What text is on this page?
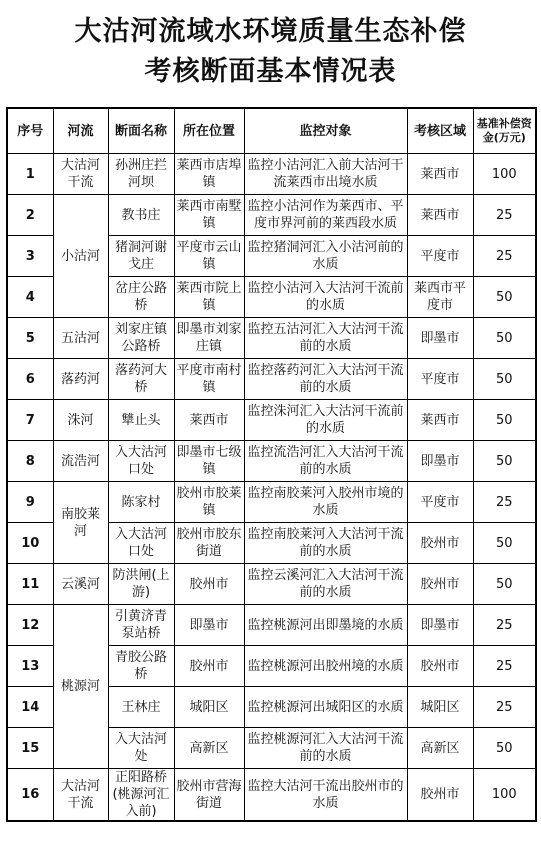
大沽河流域水环境质量生态补偿
考核断面基本情况表
序号	河流	断面名称	所在位置	监控对象	考核区域	基准补偿资金(万元)
1	大沽河干流	孙洲庄拦河坝	莱西市店埠镇	监控小沽河汇入前大沽河干流莱西市出境水质	莱西市	100
2	小沽河	教书庄	莱西市南墅镇	监控小沽河作为莱西市、平度市界河前的莱西段水质	莱西市	25
3		猪洞河谢戈庄	平度市云山镇	监控猪洞河汇入小沽河前的水质	平度市	25
4		岔庄公路桥	莱西市院上镇	监控小沽河入大沽河干流前的水质	莱西市平度市	50
5	五沽河	刘家庄镇公路桥	即墨市刘家庄镇	监控五沽河汇入大沽河干流前的水质	即墨市	50
6	落药河	落药河大桥	平度市南村镇	监控落药河汇入大沽河干流前的水质	平度市	50
7	洙河	犨止头	莱西市	监控洙河汇入大沽河干流前的水质	莱西市	50
8	流浩河	入大沽河口处	即墨市七级镇	监控流浩河汇入大沽河干流前的水质	即墨市	50
9	南胶莱河	陈家村	胶州市胶莱镇	监控南胶莱河入胶州市境的水质	平度市	25
10		入大沽河口处	胶州市胶东街道	监控南胶莱河入大沽河干流前的水质	胶州市	50
11	云溪河	防洪闸(上游)	胶州市	监控云溪河汇入大沽河干流前的水质	胶州市	50
12	桃源河	引黄济青泵站桥	即墨市	监控桃源河出即墨境的水质	即墨市	25
13		青胶公路桥	胶州市	监控桃源河出胶州境的水质	胶州市	25
14		王林庄	城阳区	监控桃源河出城阳区的水质	城阳区	25
15		入大沽河处	高新区	监控桃源河汇入大沽河干流前的水质	高新区	50
16	大沽河干流	正阳路桥(桃源河汇入前)	胶州市营海街道	监控大沽河干流出胶州市的水质	胶州市	100
